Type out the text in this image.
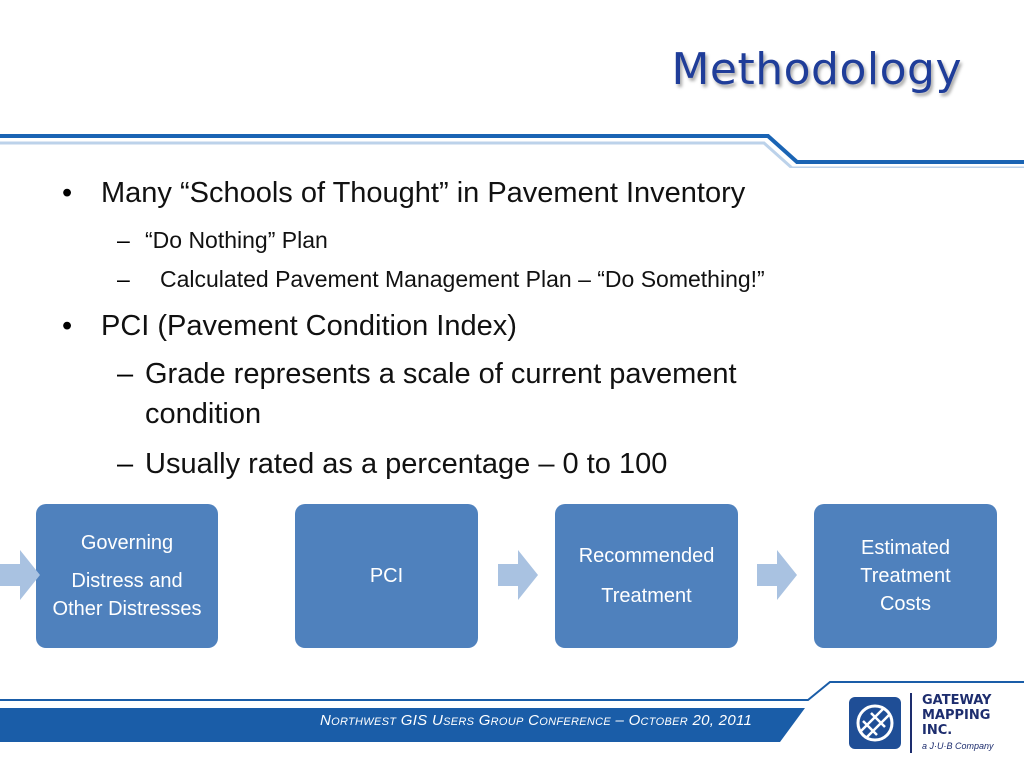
Methodology
• Many “Schools of Thought” in Pavement Inventory
– “Do Nothing” Plan
– Calculated Pavement Management Plan – “Do Something!”
• PCI (Pavement Condition Index)
– Grade represents a scale of current pavement
condition
– Usually rated as a percentage – 0 to 100
Governing
Distress and Other Distresses
PCI
Recommended
Treatment
Estimated Treatment Costs
Northwest GIS Users Group Conference – October 20, 2011
GATEWAY
MAPPING
INC.
a J·U·B Company
